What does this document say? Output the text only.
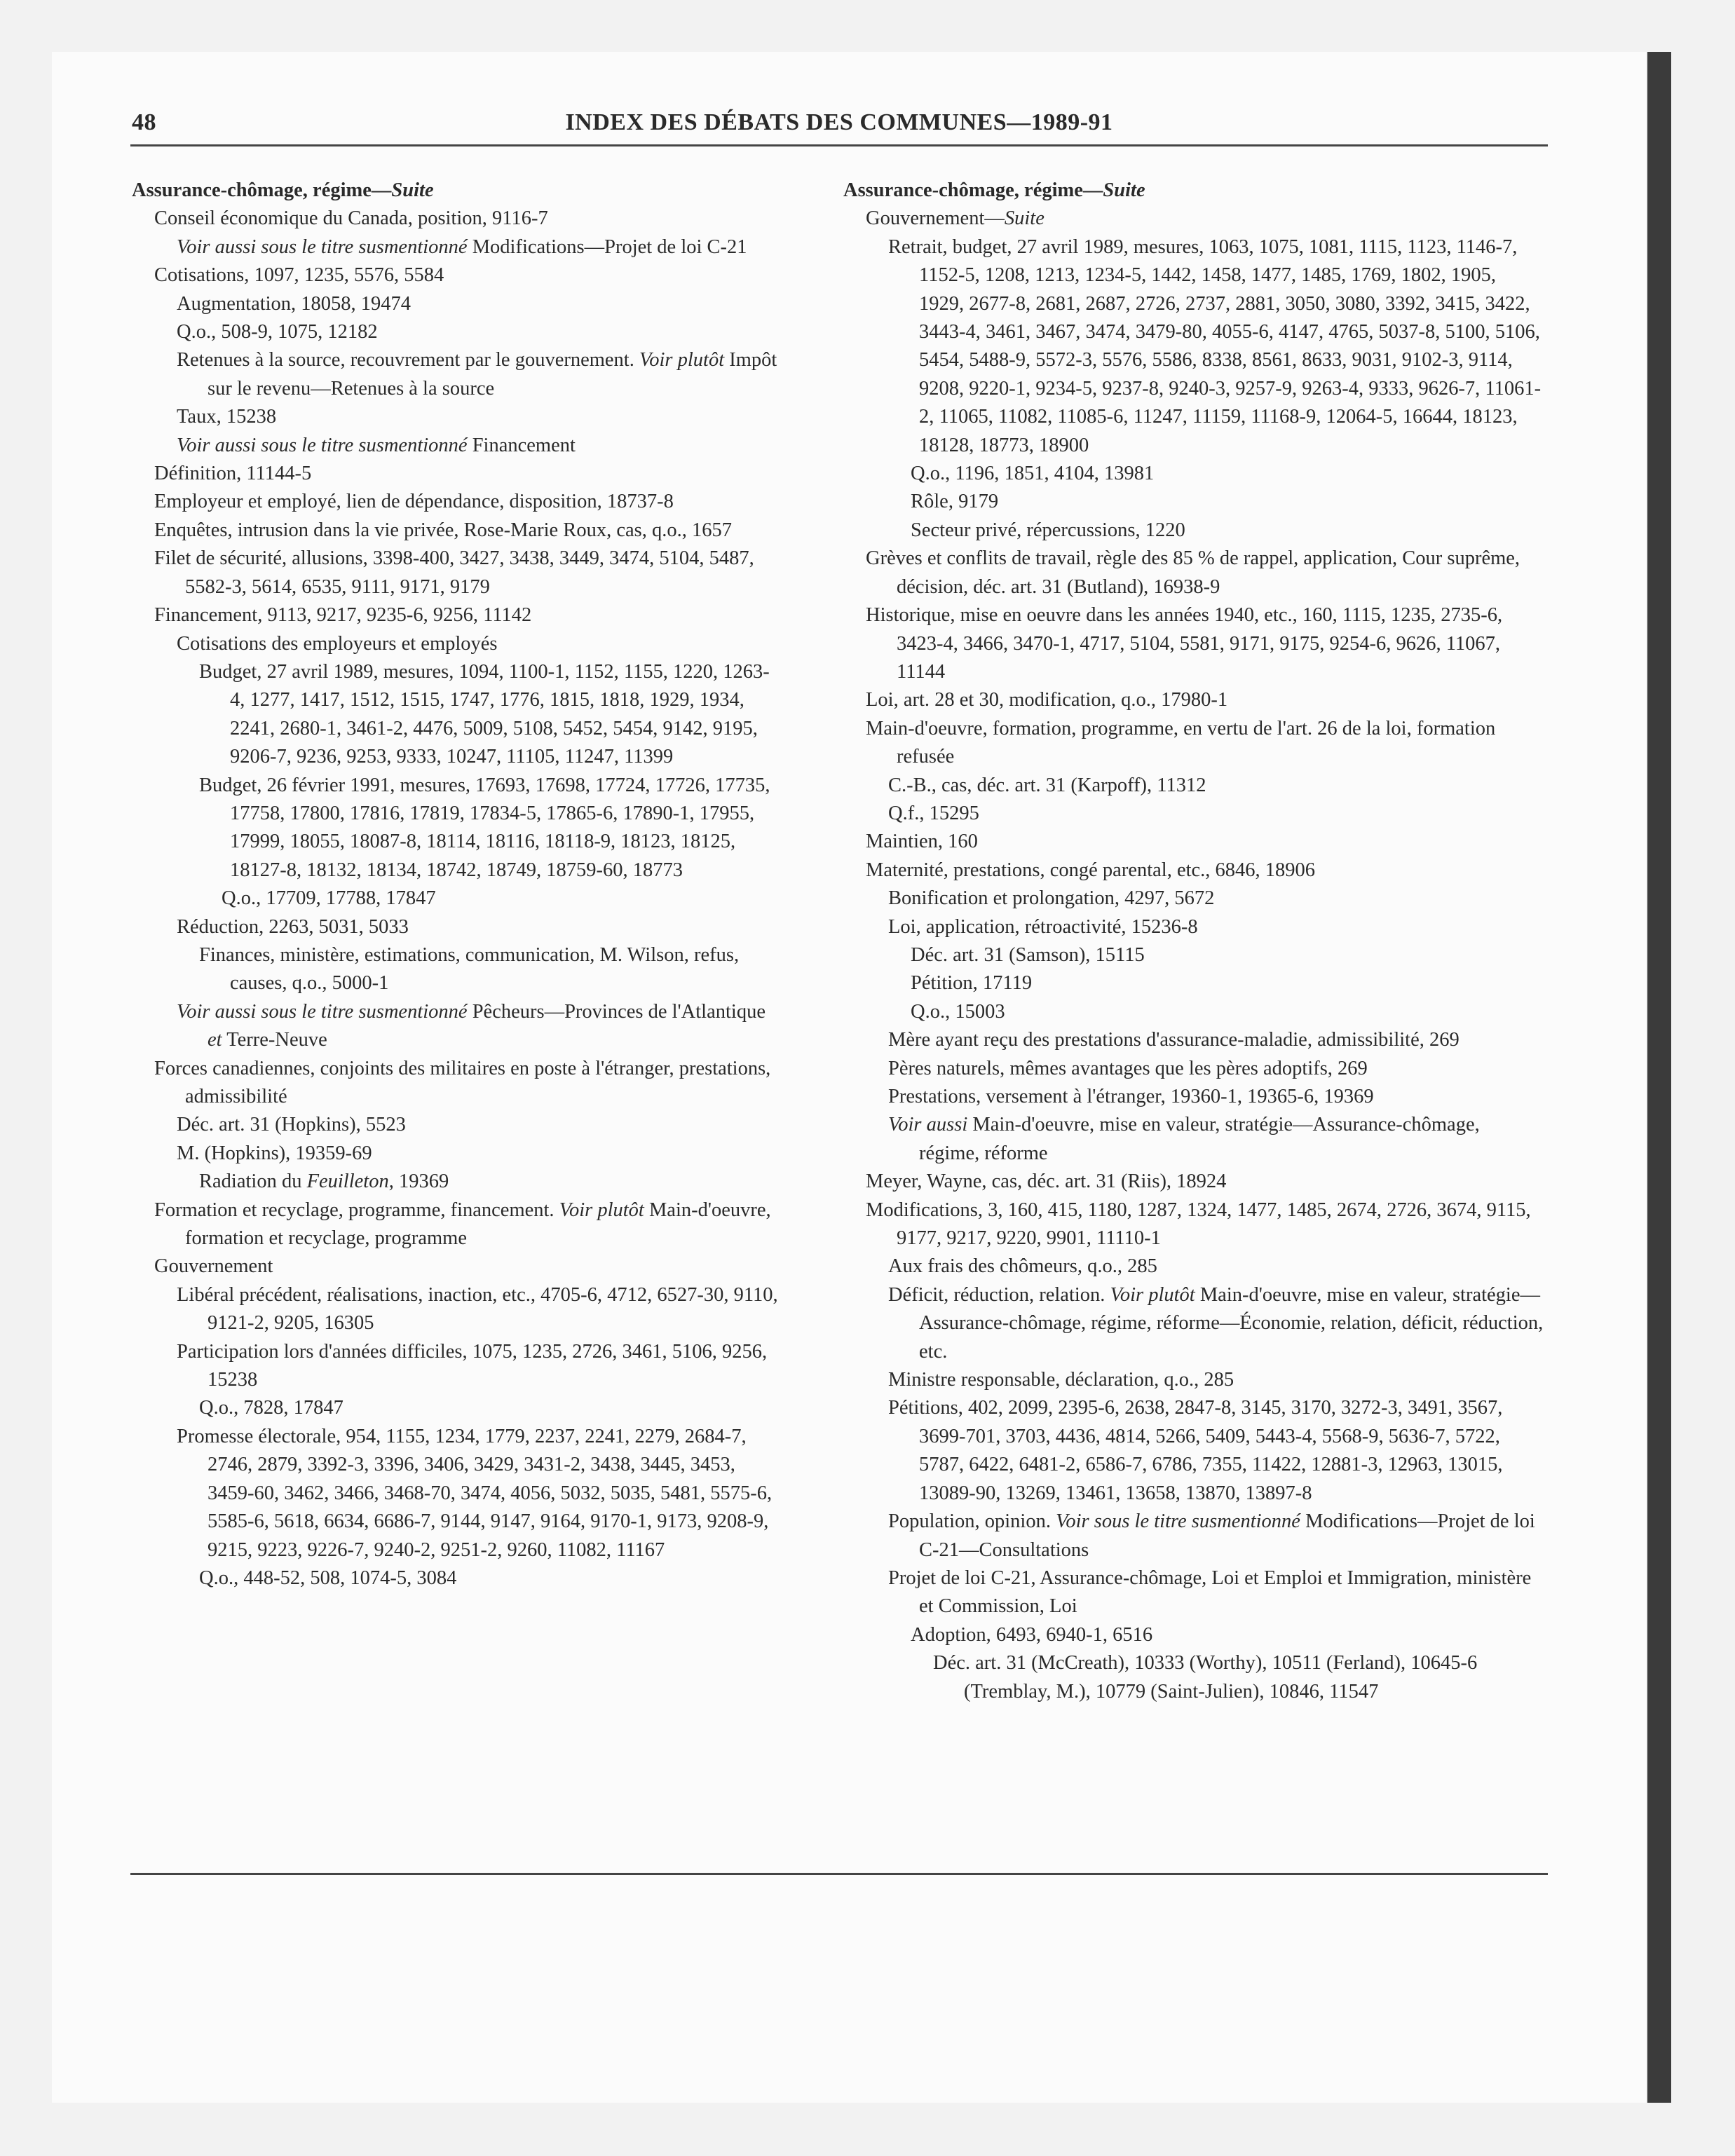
48	INDEX DES DÉBATS DES COMMUNES—1989-91

Assurance-chômage, régime—Suite

Conseil économique du Canada, position, 9116-7

Voir aussi sous le titre susmentionné Modifications—Projet de loi C-21

Cotisations, 1097, 1235, 5576, 5584

Augmentation, 18058, 19474

Q.o., 508-9, 1075, 12182

Retenues à la source, recouvrement par le gouvernement. Voir plutôt Impôt sur le revenu—Retenues à la source

Taux, 15238

Voir aussi sous le titre susmentionné Financement

Définition, 11144-5

Employeur et employé, lien de dépendance, disposition, 18737-8

Enquêtes, intrusion dans la vie privée, Rose-Marie Roux, cas, q.o., 1657

Filet de sécurité, allusions, 3398-400, 3427, 3438, 3449, 3474, 5104, 5487, 5582-3, 5614, 6535, 9111, 9171, 9179

Financement, 9113, 9217, 9235-6, 9256, 11142

Cotisations des employeurs et employés

Budget, 27 avril 1989, mesures, 1094, 1100-1, 1152, 1155, 1220, 1263-4, 1277, 1417, 1512, 1515, 1747, 1776, 1815, 1818, 1929, 1934, 2241, 2680-1, 3461-2, 4476, 5009, 5108, 5452, 5454, 9142, 9195, 9206-7, 9236, 9253, 9333, 10247, 11105, 11247, 11399

Budget, 26 février 1991, mesures, 17693, 17698, 17724, 17726, 17735, 17758, 17800, 17816, 17819, 17834-5, 17865-6, 17890-1, 17955, 17999, 18055, 18087-8, 18114, 18116, 18118-9, 18123, 18125, 18127-8, 18132, 18134, 18742, 18749, 18759-60, 18773

Q.o., 17709, 17788, 17847

Réduction, 2263, 5031, 5033

Finances, ministère, estimations, communication, M. Wilson, refus, causes, q.o., 5000-1

Voir aussi sous le titre susmentionné Pêcheurs—Provinces de l'Atlantique et Terre-Neuve

Forces canadiennes, conjoints des militaires en poste à l'étranger, prestations, admissibilité

Déc. art. 31 (Hopkins), 5523

M. (Hopkins), 19359-69

Radiation du Feuilleton, 19369

Formation et recyclage, programme, financement. Voir plutôt Main-d'oeuvre, formation et recyclage, programme

Gouvernement

Libéral précédent, réalisations, inaction, etc., 4705-6, 4712, 6527-30, 9110, 9121-2, 9205, 16305

Participation lors d'années difficiles, 1075, 1235, 2726, 3461, 5106, 9256, 15238

Q.o., 7828, 17847

Promesse électorale, 954, 1155, 1234, 1779, 2237, 2241, 2279, 2684-7, 2746, 2879, 3392-3, 3396, 3406, 3429, 3431-2, 3438, 3445, 3453, 3459-60, 3462, 3466, 3468-70, 3474, 4056, 5032, 5035, 5481, 5575-6, 5585-6, 5618, 6634, 6686-7, 9144, 9147, 9164, 9170-1, 9173, 9208-9, 9215, 9223, 9226-7, 9240-2, 9251-2, 9260, 11082, 11167

Q.o., 448-52, 508, 1074-5, 3084

Assurance-chômage, régime—Suite

Gouvernement—Suite

Retrait, budget, 27 avril 1989, mesures, 1063, 1075, 1081, 1115, 1123, 1146-7, 1152-5, 1208, 1213, 1234-5, 1442, 1458, 1477, 1485, 1769, 1802, 1905, 1929, 2677-8, 2681, 2687, 2726, 2737, 2881, 3050, 3080, 3392, 3415, 3422, 3443-4, 3461, 3467, 3474, 3479-80, 4055-6, 4147, 4765, 5037-8, 5100, 5106, 5454, 5488-9, 5572-3, 5576, 5586, 8338, 8561, 8633, 9031, 9102-3, 9114, 9208, 9220-1, 9234-5, 9237-8, 9240-3, 9257-9, 9263-4, 9333, 9626-7, 11061-2, 11065, 11082, 11085-6, 11247, 11159, 11168-9, 12064-5, 16644, 18123, 18128, 18773, 18900

Q.o., 1196, 1851, 4104, 13981

Rôle, 9179

Secteur privé, répercussions, 1220

Grèves et conflits de travail, règle des 85 % de rappel, application, Cour suprême, décision, déc. art. 31 (Butland), 16938-9

Historique, mise en oeuvre dans les années 1940, etc., 160, 1115, 1235, 2735-6, 3423-4, 3466, 3470-1, 4717, 5104, 5581, 9171, 9175, 9254-6, 9626, 11067, 11144

Loi, art. 28 et 30, modification, q.o., 17980-1

Main-d'oeuvre, formation, programme, en vertu de l'art. 26 de la loi, formation refusée

C.-B., cas, déc. art. 31 (Karpoff), 11312

Q.f., 15295

Maintien, 160

Maternité, prestations, congé parental, etc., 6846, 18906

Bonification et prolongation, 4297, 5672

Loi, application, rétroactivité, 15236-8

Déc. art. 31 (Samson), 15115

Pétition, 17119

Q.o., 15003

Mère ayant reçu des prestations d'assurance-maladie, admissibilité, 269

Pères naturels, mêmes avantages que les pères adoptifs, 269

Prestations, versement à l'étranger, 19360-1, 19365-6, 19369

Voir aussi Main-d'oeuvre, mise en valeur, stratégie—Assurance-chômage, régime, réforme

Meyer, Wayne, cas, déc. art. 31 (Riis), 18924

Modifications, 3, 160, 415, 1180, 1287, 1324, 1477, 1485, 2674, 2726, 3674, 9115, 9177, 9217, 9220, 9901, 11110-1

Aux frais des chômeurs, q.o., 285

Déficit, réduction, relation. Voir plutôt Main-d'oeuvre, mise en valeur, stratégie—Assurance-chômage, régime, réforme—Économie, relation, déficit, réduction, etc.

Ministre responsable, déclaration, q.o., 285

Pétitions, 402, 2099, 2395-6, 2638, 2847-8, 3145, 3170, 3272-3, 3491, 3567, 3699-701, 3703, 4436, 4814, 5266, 5409, 5443-4, 5568-9, 5636-7, 5722, 5787, 6422, 6481-2, 6586-7, 6786, 7355, 11422, 12881-3, 12963, 13015, 13089-90, 13269, 13461, 13658, 13870, 13897-8

Population, opinion. Voir sous le titre susmentionné Modifications—Projet de loi C-21—Consultations

Projet de loi C-21, Assurance-chômage, Loi et Emploi et Immigration, ministère et Commission, Loi

Adoption, 6493, 6940-1, 6516

Déc. art. 31 (McCreath), 10333 (Worthy), 10511 (Ferland), 10645-6 (Tremblay, M.), 10779 (Saint-Julien), 10846, 11547
